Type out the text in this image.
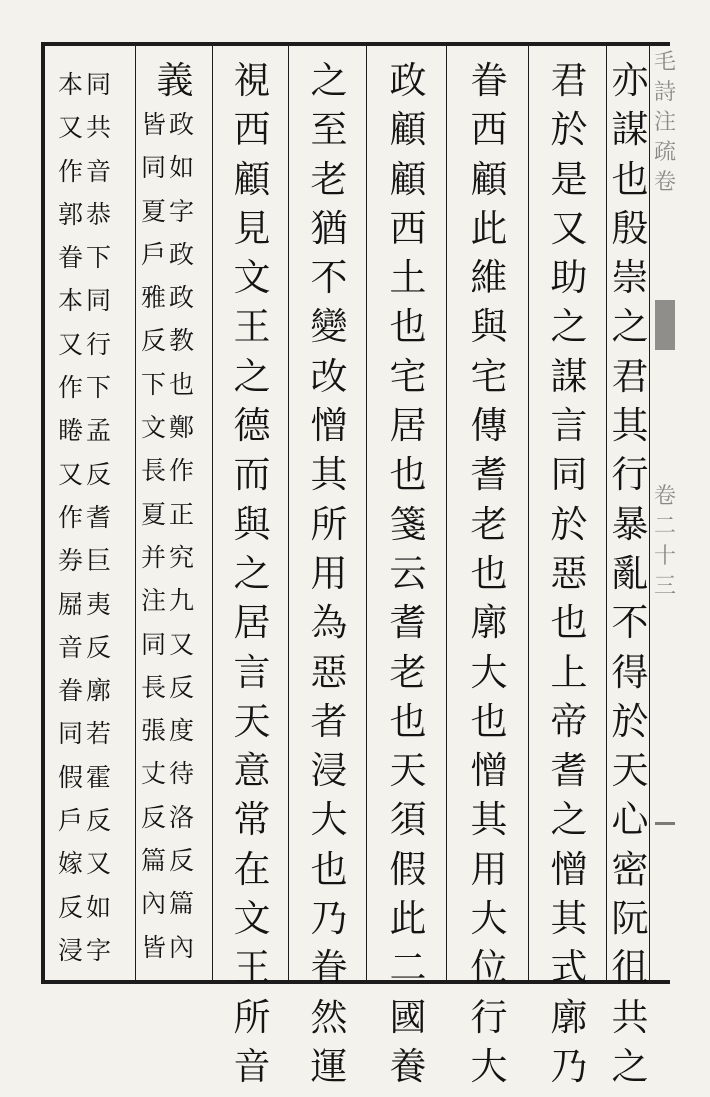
亦
謀
也
殷
崇
之
君
其
行
暴
亂
不
得
於
天
心
密
阮
徂
共
之
君
於
是
又
助
之
謀
言
同
於
惡
也
上
帝
耆
之
憎
其
式
廓
乃
眷
西
顧
此
維
與
宅
傳
耆
老
也
廓
大
也
憎
其
用
大
位
行
大
政
顧
顧
西
土
也
宅
居
也
箋
云
耆
老
也
天
須
假
此
二
國
養
之
至
老
猶
不
變
改
憎
其
所
用
為
惡
者
浸
大
也
乃
眷
然
運
視
西
顧
見
文
王
之
德
而
與
之
居
言
天
意
常
在
文
王
所
音
義
皆
同
夏
戶
雅
反
下
文
長
夏
并
注
同
長
張
丈
反
篇
內
皆
政
如
字
政
政
教
也
鄭
作
正
究
九
又
反
度
待
洛
反
篇
內
本
又
作
郭
眷
本
又
作
睠
又
作
券
𡲢
音
眷
同
假
戶
嫁
反
浸
同
共
音
恭
下
同
行
下
孟
反
耆
巨
夷
反
廓
若
霍
反
又
如
字
毛
詩
注
疏
卷
卷
二
十
三
